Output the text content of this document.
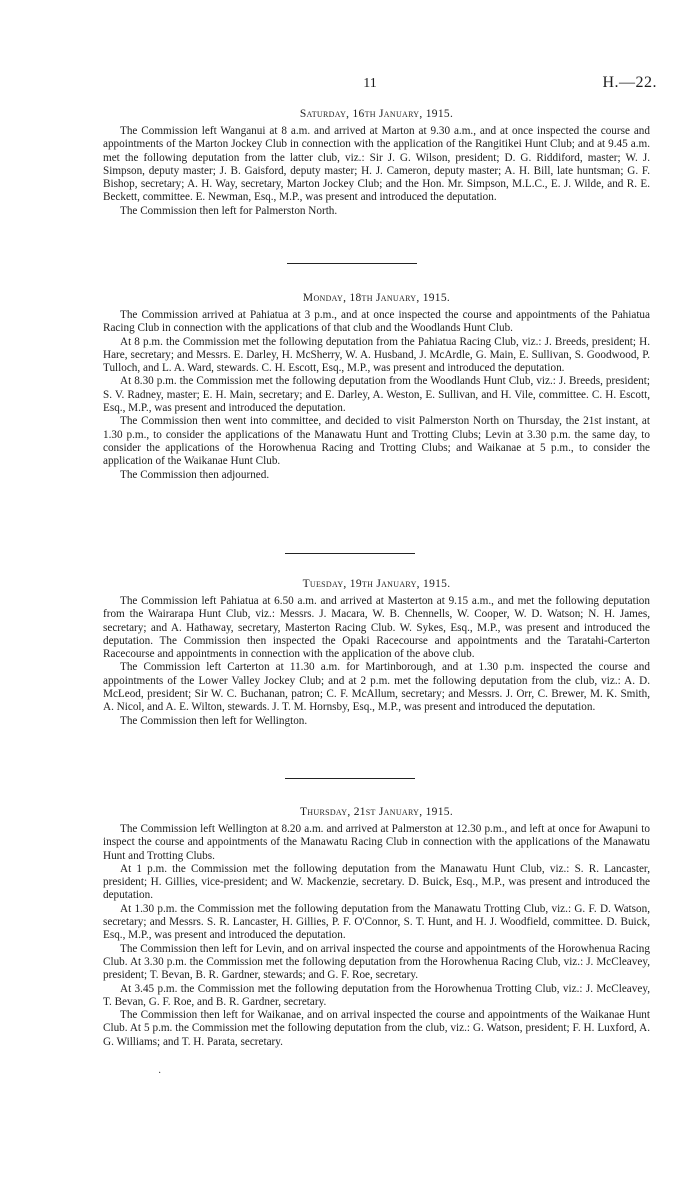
11	H.—22.
Saturday, 16th January, 1915.

The Commission left Wanganui at 8 a.m. and arrived at Marton at 9.30 a.m., and at once inspected the course and appointments of the Marton Jockey Club in connection with the application of the Rangitikei Hunt Club; and at 9.45 a.m. met the following deputation from the latter club, viz.: Sir J. G. Wilson, president; D. G. Riddiford, master; W. J. Simpson, deputy master; J. B. Gaisford, deputy master; H. J. Cameron, deputy master; A. H. Bill, late huntsman; G. F. Bishop, secretary; A. H. Way, secretary, Marton Jockey Club; and the Hon. Mr. Simpson, M.L.C., E. J. Wilde, and R. E. Beckett, committee. E. Newman, Esq., M.P., was present and introduced the deputation.

The Commission then left for Palmerston North.

Monday, 18th January, 1915.

The Commission arrived at Pahiatua at 3 p.m., and at once inspected the course and appointments of the Pahiatua Racing Club in connection with the applications of that club and the Woodlands Hunt Club.

At 8 p.m. the Commission met the following deputation from the Pahiatua Racing Club, viz.: J. Breeds, president; H. Hare, secretary; and Messrs. E. Darley, H. McSherry, W. A. Husband, J. McArdle, G. Main, E. Sullivan, S. Goodwood, P. Tulloch, and L. A. Ward, stewards. C. H. Escott, Esq., M.P., was present and introduced the deputation.

At 8.30 p.m. the Commission met the following deputation from the Woodlands Hunt Club, viz.: J. Breeds, president; S. V. Radney, master; E. H. Main, secretary; and E. Darley, A. Weston, E. Sullivan, and H. Vile, committee. C. H. Escott, Esq., M.P., was present and introduced the deputation.

The Commission then went into committee, and decided to visit Palmerston North on Thursday, the 21st instant, at 1.30 p.m., to consider the applications of the Manawatu Hunt and Trotting Clubs; Levin at 3.30 p.m. the same day, to consider the applications of the Horowhenua Racing and Trotting Clubs; and Waikanae at 5 p.m., to consider the application of the Waikanae Hunt Club.

The Commission then adjourned.

Tuesday, 19th January, 1915.

The Commission left Pahiatua at 6.50 a.m. and arrived at Masterton at 9.15 a.m., and met the following deputation from the Wairarapa Hunt Club, viz.: Messrs. J. Macara, W. B. Chennells, W. Cooper, W. D. Watson; N. H. James, secretary; and A. Hathaway, secretary, Masterton Racing Club. W. Sykes, Esq., M.P., was present and introduced the deputation. The Commission then inspected the Opaki Racecourse and appointments and the Taratahi-Carterton Racecourse and appointments in connection with the application of the above club.

The Commission left Carterton at 11.30 a.m. for Martinborough, and at 1.30 p.m. inspected the course and appointments of the Lower Valley Jockey Club; and at 2 p.m. met the following deputation from the club, viz.: A. D. McLeod, president; Sir W. C. Buchanan, patron; C. F. McAllum, secretary; and Messrs. J. Orr, C. Brewer, M. K. Smith, A. Nicol, and A. E. Wilton, stewards. J. T. M. Hornsby, Esq., M.P., was present and introduced the deputation.

The Commission then left for Wellington.

Thursday, 21st January, 1915.

The Commission left Wellington at 8.20 a.m. and arrived at Palmerston at 12.30 p.m., and left at once for Awapuni to inspect the course and appointments of the Manawatu Racing Club in connection with the applications of the Manawatu Hunt and Trotting Clubs.

At 1 p.m. the Commission met the following deputation from the Manawatu Hunt Club, viz.: S. R. Lancaster, president; H. Gillies, vice-president; and W. Mackenzie, secretary. D. Buick, Esq., M.P., was present and introduced the deputation.

At 1.30 p.m. the Commission met the following deputation from the Manawatu Trotting Club, viz.: G. F. D. Watson, secretary; and Messrs. S. R. Lancaster, H. Gillies, P. F. O'Connor, S. T. Hunt, and H. J. Woodfield, committee. D. Buick, Esq., M.P., was present and introduced the deputation.

The Commission then left for Levin, and on arrival inspected the course and appointments of the Horowhenua Racing Club. At 3.30 p.m. the Commission met the following deputation from the Horowhenua Racing Club, viz.: J. McCleavey, president; T. Bevan, B. R. Gardner, stewards; and G. F. Roe, secretary.

At 3.45 p.m. the Commission met the following deputation from the Horowhenua Trotting Club, viz.: J. McCleavey, T. Bevan, G. F. Roe, and B. R. Gardner, secretary.

The Commission then left for Waikanae, and on arrival inspected the course and appointments of the Waikanae Hunt Club. At 5 p.m. the Commission met the following deputation from the club, viz.: G. Watson, president; F. H. Luxford, A. G. Williams; and T. H. Parata, secretary.

·
